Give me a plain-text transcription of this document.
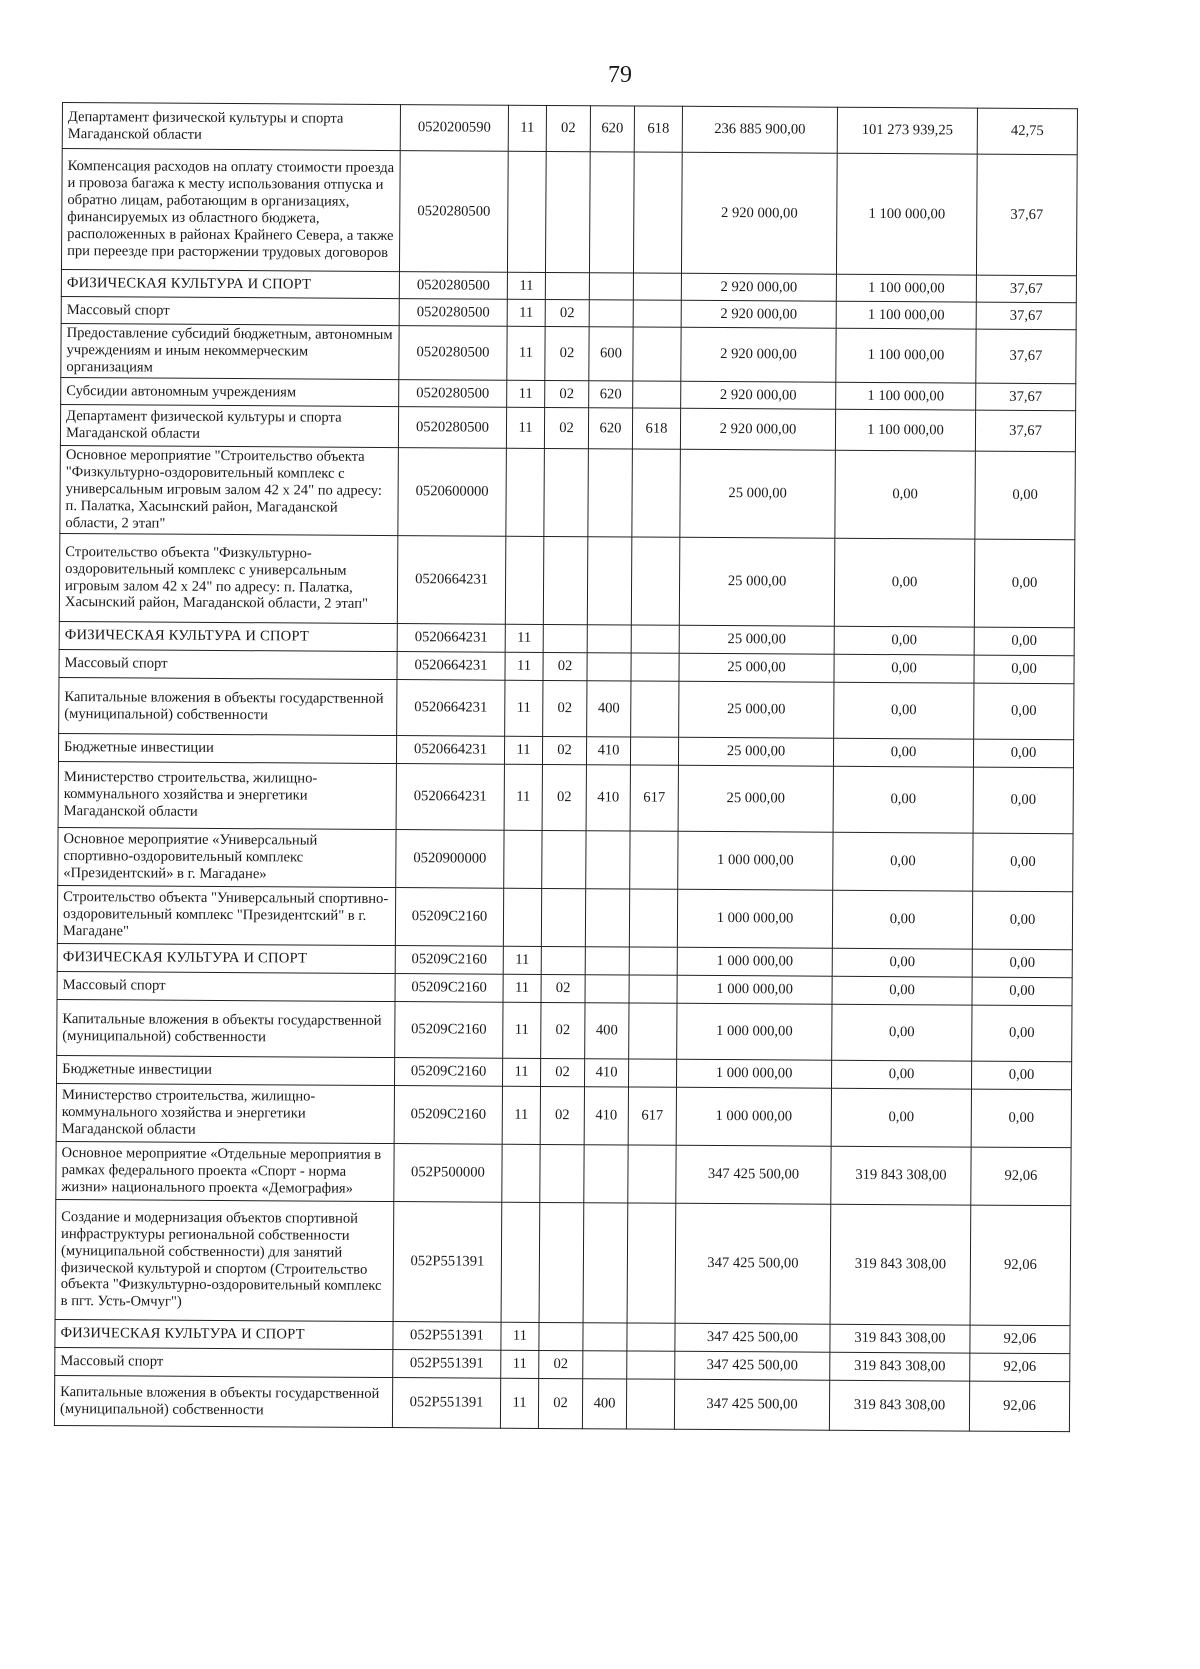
79
Департамент физической культуры и спорта Магаданской области	0520200590	11	02	620	618	236 885 900,00	101 273 939,25	42,75
Компенсация расходов на оплату стоимости проезда и провоза багажа к месту использования отпуска и обратно лицам, работающим в организациях, финансируемых из областного бюджета, расположенных в районах Крайнего Севера, а также при переезде при расторжении трудовых договоров	0520280500					2 920 000,00	1 100 000,00	37,67
ФИЗИЧЕСКАЯ КУЛЬТУРА И СПОРТ	0520280500	11				2 920 000,00	1 100 000,00	37,67
Массовый спорт	0520280500	11	02			2 920 000,00	1 100 000,00	37,67
Предоставление субсидий бюджетным, автономным учреждениям и иным некоммерческим организациям	0520280500	11	02	600		2 920 000,00	1 100 000,00	37,67
Субсидии автономным учреждениям	0520280500	11	02	620		2 920 000,00	1 100 000,00	37,67
Департамент физической культуры и спорта Магаданской области	0520280500	11	02	620	618	2 920 000,00	1 100 000,00	37,67
Основное мероприятие "Строительство объекта "Физкультурно-оздоровительный комплекс с универсальным игровым залом 42 х 24" по адресу: п. Палатка, Хасынский район, Магаданской области, 2 этап"	0520600000					25 000,00	0,00	0,00
Строительство объекта "Физкультурно-оздоровительный комплекс с универсальным игровым залом 42 х 24" по адресу: п. Палатка, Хасынский район, Магаданской области, 2 этап"	0520664231					25 000,00	0,00	0,00
ФИЗИЧЕСКАЯ КУЛЬТУРА И СПОРТ	0520664231	11				25 000,00	0,00	0,00
Массовый спорт	0520664231	11	02			25 000,00	0,00	0,00
Капитальные вложения в объекты государственной (муниципальной) собственности	0520664231	11	02	400		25 000,00	0,00	0,00
Бюджетные инвестиции	0520664231	11	02	410		25 000,00	0,00	0,00
Министерство строительства, жилищно-коммунального хозяйства и энергетики Магаданской области	0520664231	11	02	410	617	25 000,00	0,00	0,00
Основное мероприятие «Универсальный спортивно-оздоровительный комплекс «Президентский» в г. Магадане»	0520900000					1 000 000,00	0,00	0,00
Строительство объекта "Универсальный спортивно-оздоровительный комплекс "Президентский" в г. Магадане"	05209C2160					1 000 000,00	0,00	0,00
ФИЗИЧЕСКАЯ КУЛЬТУРА И СПОРТ	05209C2160	11				1 000 000,00	0,00	0,00
Массовый спорт	05209C2160	11	02			1 000 000,00	0,00	0,00
Капитальные вложения в объекты государственной (муниципальной) собственности	05209C2160	11	02	400		1 000 000,00	0,00	0,00
Бюджетные инвестиции	05209C2160	11	02	410		1 000 000,00	0,00	0,00
Министерство строительства, жилищно-коммунального хозяйства и энергетики Магаданской области	05209C2160	11	02	410	617	1 000 000,00	0,00	0,00
Основное мероприятие «Отдельные мероприятия в рамках федерального проекта «Спорт - норма жизни» национального проекта «Демография»	052P500000					347 425 500,00	319 843 308,00	92,06
Создание и модернизация объектов спортивной инфраструктуры региональной собственности (муниципальной собственности) для занятий физической культурой и спортом (Строительство объекта "Физкультурно-оздоровительный комплекс в пгт. Усть-Омчуг")	052P551391					347 425 500,00	319 843 308,00	92,06
ФИЗИЧЕСКАЯ КУЛЬТУРА И СПОРТ	052P551391	11				347 425 500,00	319 843 308,00	92,06
Массовый спорт	052P551391	11	02			347 425 500,00	319 843 308,00	92,06
Капитальные вложения в объекты государственной (муниципальной) собственности	052P551391	11	02	400		347 425 500,00	319 843 308,00	92,06
